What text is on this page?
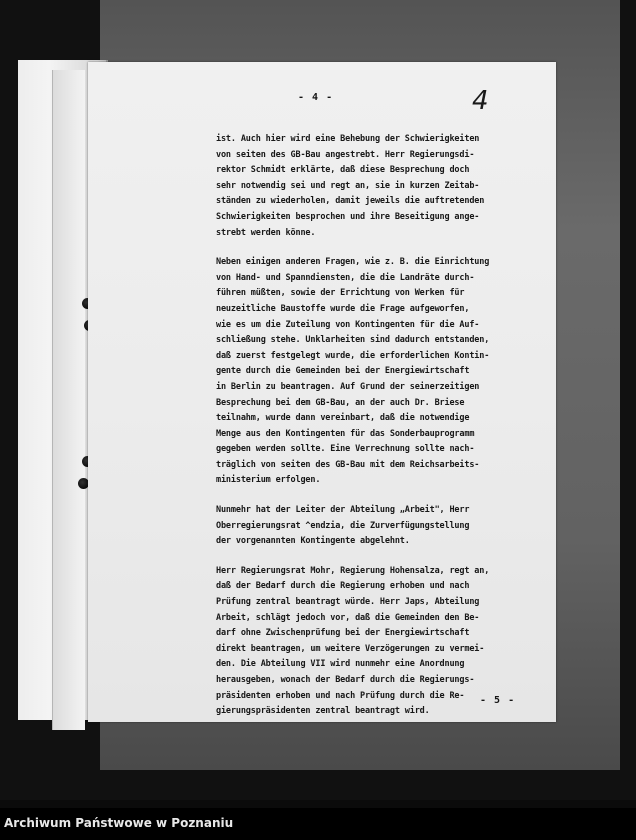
- 4 -	4
ist. Auch hier wird eine Behebung der Schwierigkeiten
von seiten des GB-Bau angestrebt. Herr Regierungsdi-
rektor Schmidt erklärte, daß diese Besprechung doch
sehr notwendig sei und regt an, sie in kurzen Zeitab-
ständen zu wiederholen, damit jeweils die auftretenden
Schwierigkeiten besprochen und ihre Beseitigung ange-
strebt werden könne.
Neben einigen anderen Fragen, wie z. B. die Einrichtung
von Hand- und Spanndiensten, die die Landräte durch-
führen müßten, sowie der Errichtung von Werken für
neuzeitliche Baustoffe wurde die Frage aufgeworfen,
wie es um die Zuteilung von Kontingenten für die Auf-
schließung stehe. Unklarheiten sind dadurch entstanden,
daß zuerst festgelegt wurde, die erforderlichen Kontin-
gente durch die Gemeinden bei der Energiewirtschaft
in Berlin zu beantragen. Auf Grund der seinerzeitigen
Besprechung bei dem GB-Bau, an der auch Dr. Briese
teilnahm, wurde dann vereinbart, daß die notwendige
Menge aus den Kontingenten für das Sonderbauprogramm
gegeben werden sollte. Eine Verrechnung sollte nach-
träglich von seiten des GB-Bau mit dem Reichsarbeits-
ministerium erfolgen.
Nunmehr hat der Leiter der Abteilung „Arbeit", Herr
Oberregierungsrat ^endzia, die Zurverfügungstellung
der vorgenannten Kontingente abgelehnt.
Herr Regierungsrat Mohr, Regierung Hohensalza, regt an,
daß der Bedarf durch die Regierung erhoben und nach
Prüfung zentral beantragt würde. Herr Japs, Abteilung
Arbeit, schlägt jedoch vor, daß die Gemeinden den Be-
darf ohne Zwischenprüfung bei der Energiewirtschaft
direkt beantragen, um weitere Verzögerungen zu vermei-
den. Die Abteilung VII wird nunmehr eine Anordnung
herausgeben, wonach der Bedarf durch die Regierungs-
präsidenten erhoben und nach Prüfung durch die Re-
gierungspräsidenten zentral beantragt wird.
- 5 -
Archiwum Państwowe w Poznaniu
